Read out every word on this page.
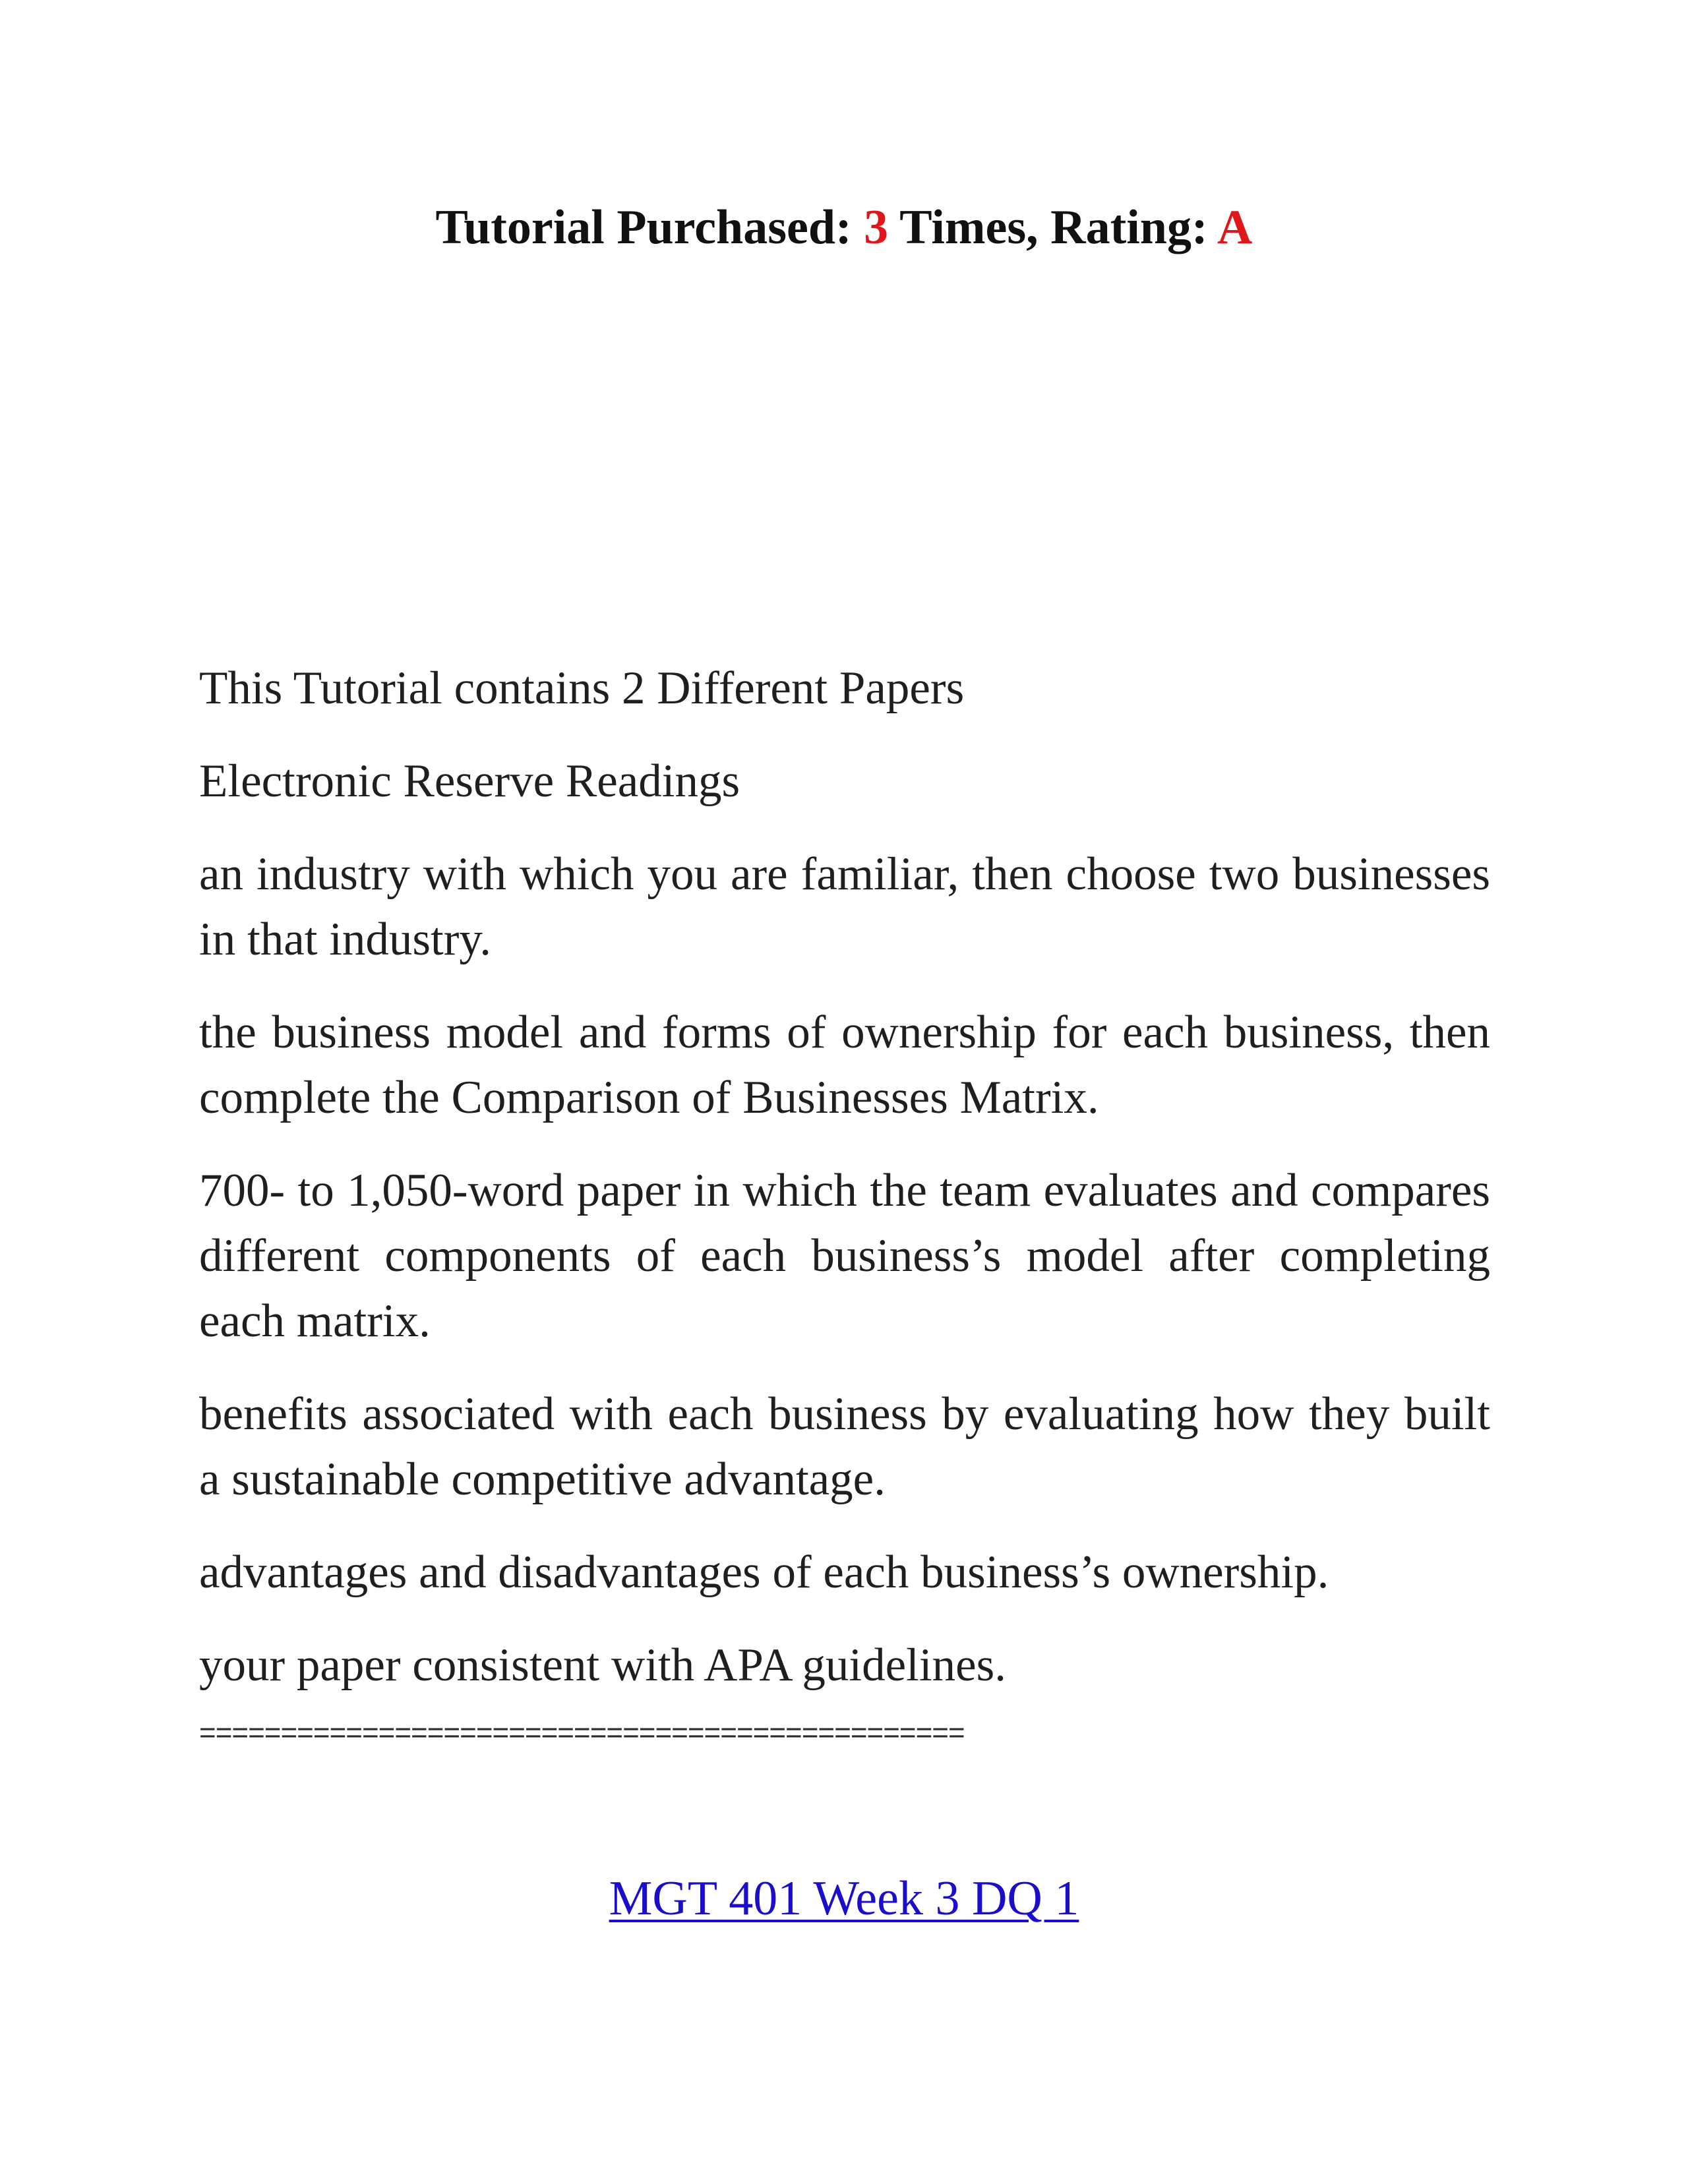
Tutorial Purchased: 3 Times, Rating: A

This Tutorial contains 2 Different Papers

Electronic Reserve Readings

an industry with which you are familiar, then choose two businesses in that industry.

the business model and forms of ownership for each business, then complete the Comparison of Businesses Matrix.

700- to 1,050-word paper in which the team evaluates and compares different components of each business’s model after completing each matrix.

benefits associated with each business by evaluating how they built a sustainable competitive advantage.

advantages and disadvantages of each business’s ownership.

your paper consistent with APA guidelines.

===============================================
MGT 401 Week 3 DQ 1
